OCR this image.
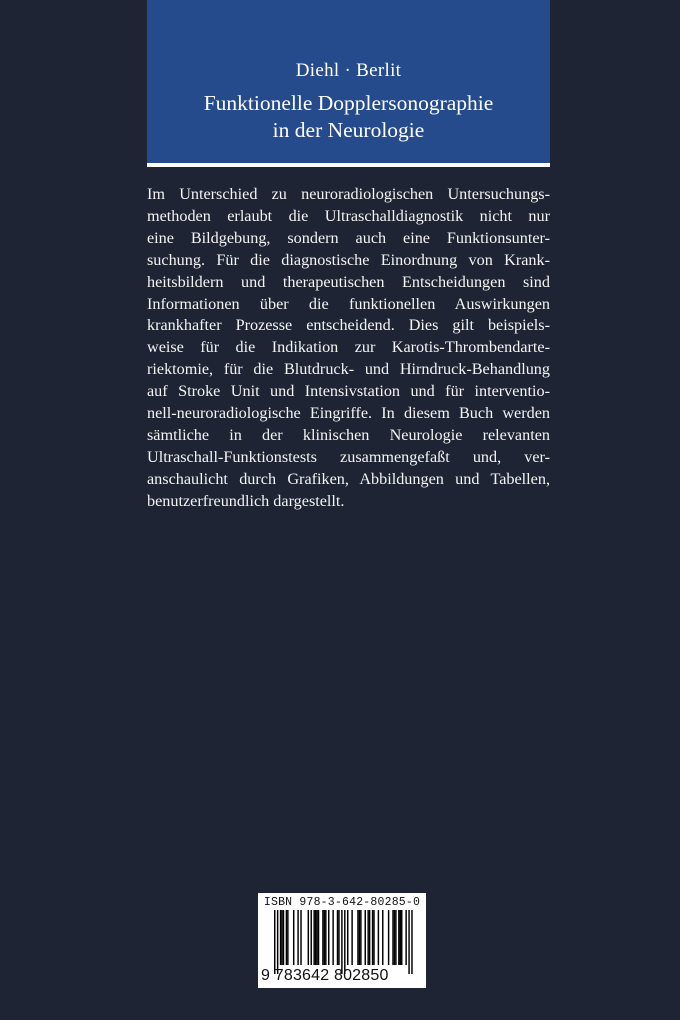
Diehl · Berlit
Funktionelle Dopplersonographie
in der Neurologie
Im Unterschied zu neuroradiologischen Untersuchungs-
methoden erlaubt die Ultraschalldiagnostik nicht nur
eine Bildgebung, sondern auch eine Funktionsunter-
suchung. Für die diagnostische Einordnung von Krank-
heitsbildern und therapeutischen Entscheidungen sind
Informationen über die funktionellen Auswirkungen
krankhafter Prozesse entscheidend. Dies gilt beispiels-
weise für die Indikation zur Karotis-Thrombendarte-
riektomie, für die Blutdruck- und Hirndruck-Behandlung
auf Stroke Unit und Intensivstation und für interventio-
nell-neuroradiologische Eingriffe. In diesem Buch werden
sämtliche in der klinischen Neurologie relevanten
Ultraschall-Funktionstests zusammengefaßt und, ver-
anschaulicht durch Grafiken, Abbildungen und Tabellen,
benutzerfreundlich dargestellt.
ISBN 978-3-642-80285-0
9 783642 802850
